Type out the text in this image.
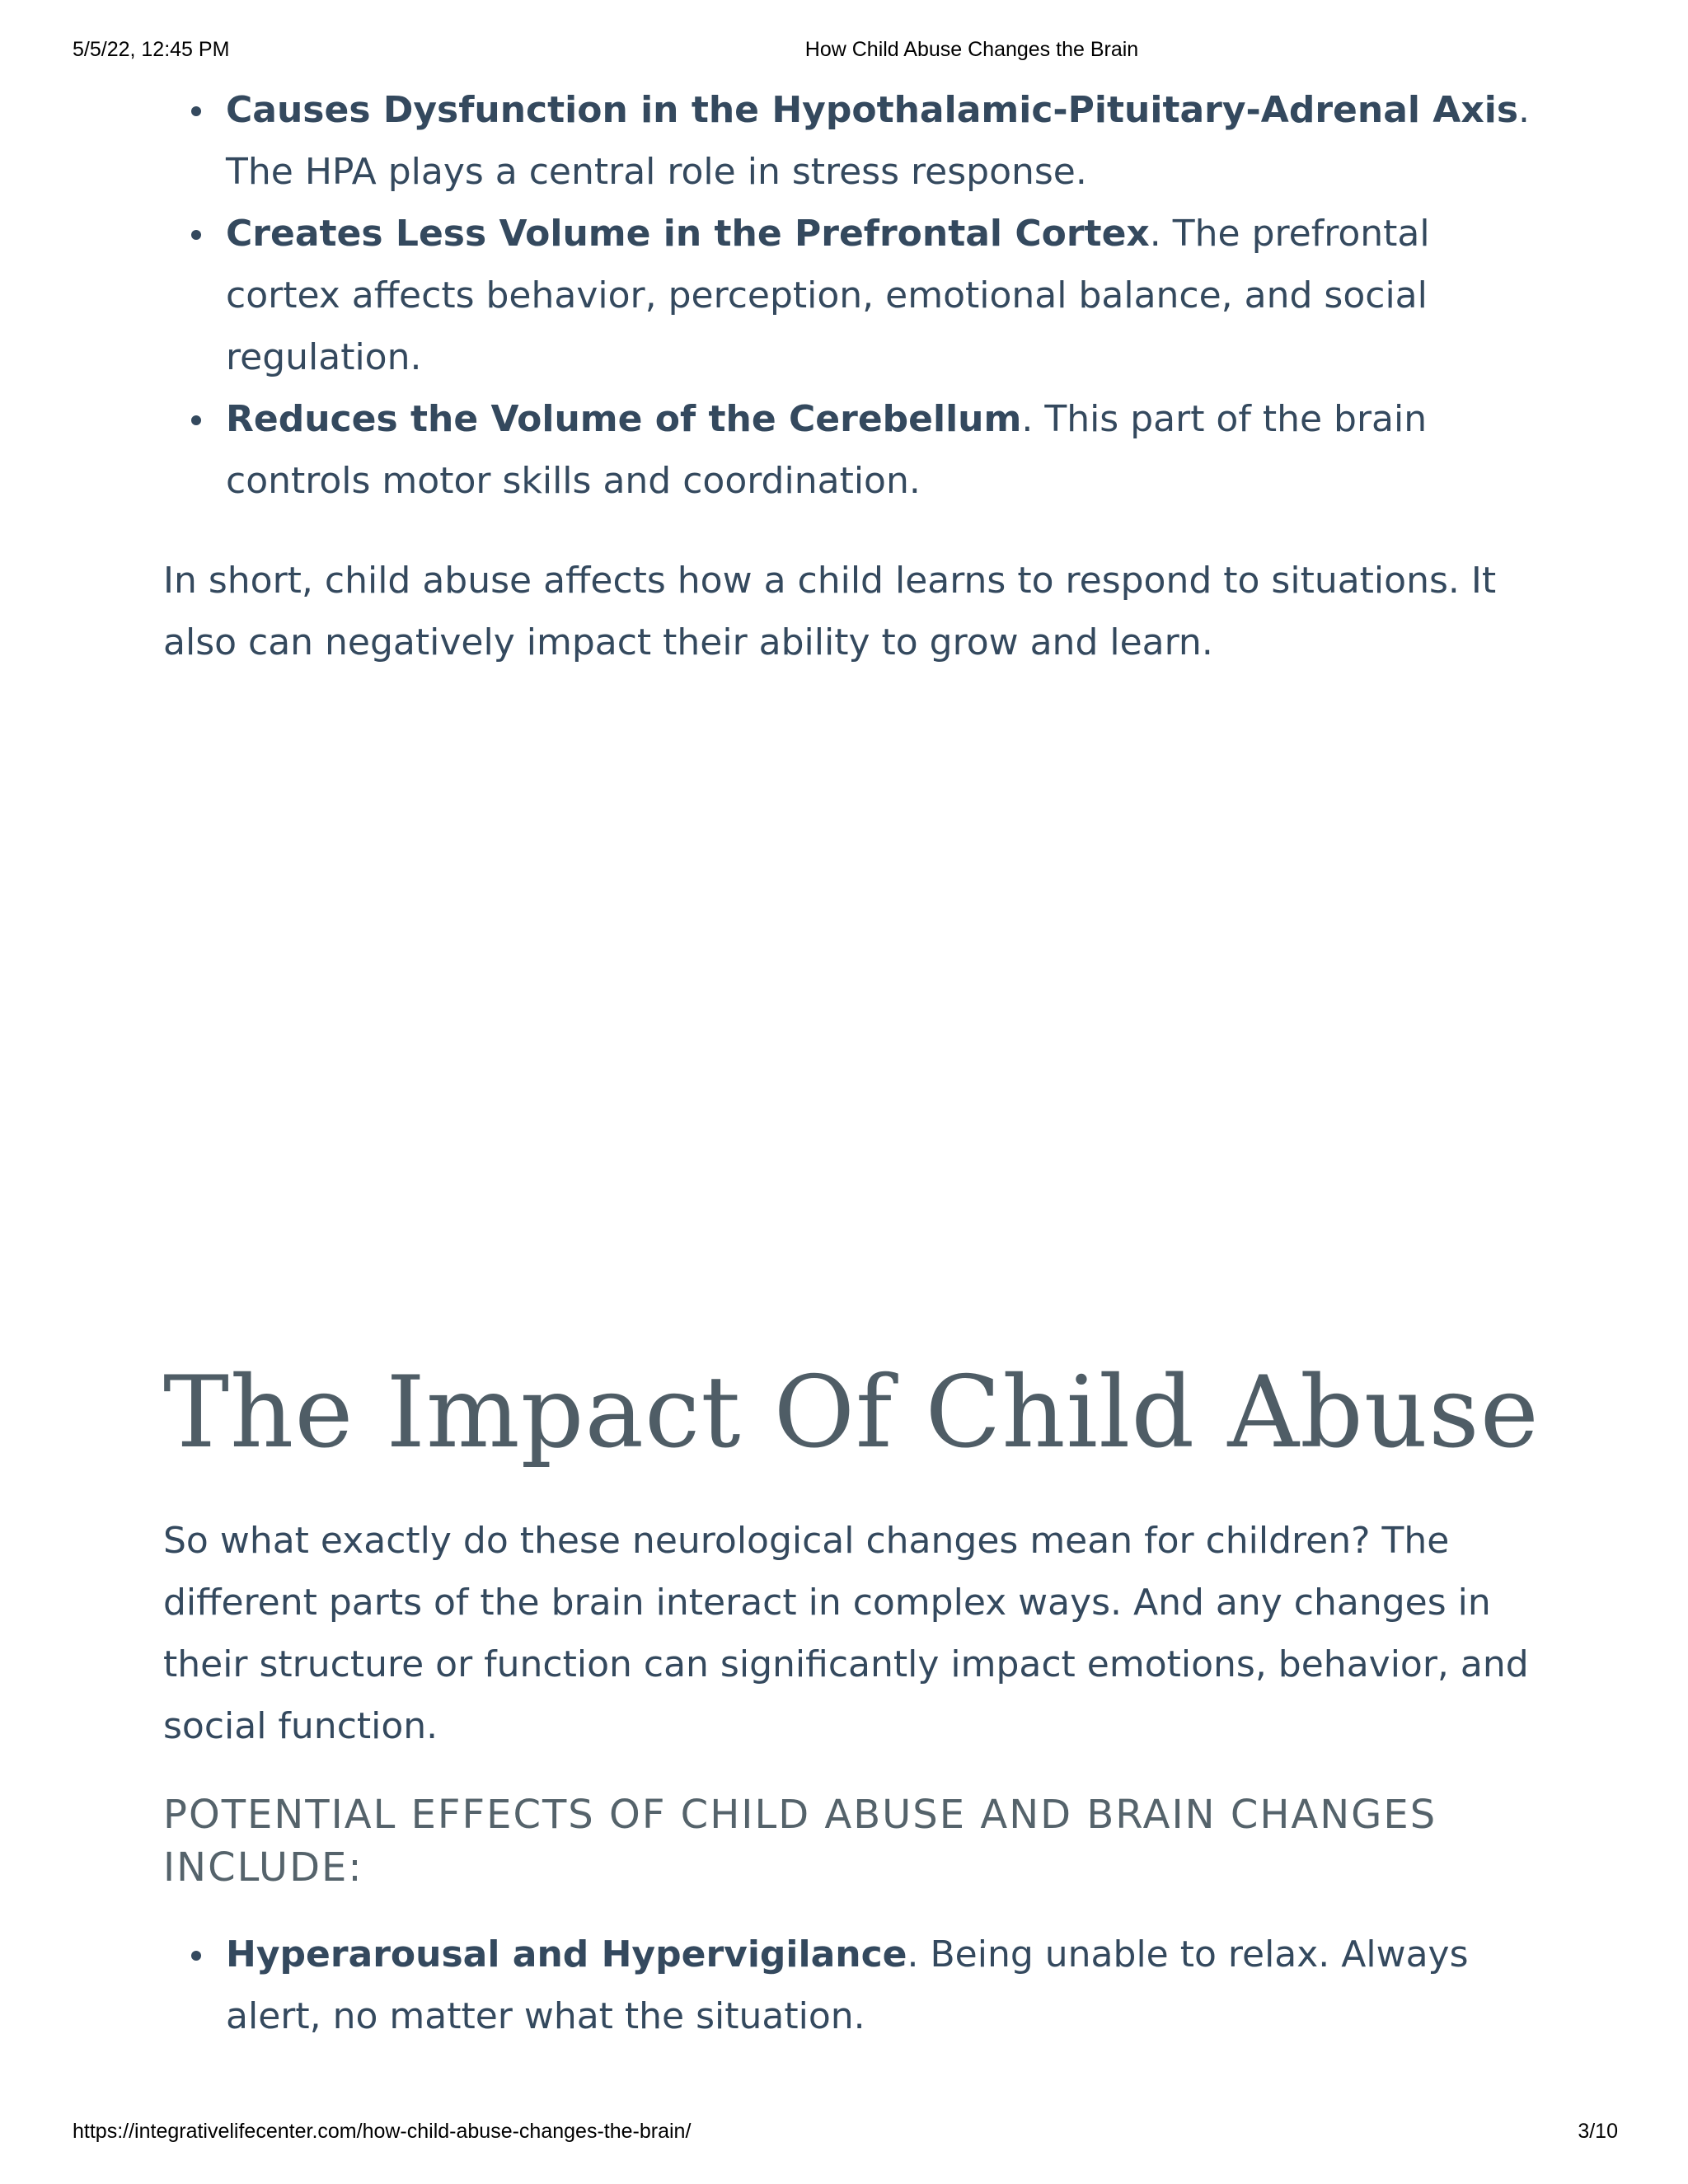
5/5/22, 12:45 PM	How Child Abuse Changes the Brain
Causes Dysfunction in the Hypothalamic-Pituitary-Adrenal Axis. The HPA plays a central role in stress response.
Creates Less Volume in the Prefrontal Cortex. The prefrontal cortex affects behavior, perception, emotional balance, and social regulation.
Reduces the Volume of the Cerebellum. This part of the brain controls motor skills and coordination.

In short, child abuse affects how a child learns to respond to situations. It also can negatively impact their ability to grow and learn.

The Impact Of Child Abuse

So what exactly do these neurological changes mean for children? The different parts of the brain interact in complex ways. And any changes in their structure or function can significantly impact emotions, behavior, and social function.

POTENTIAL EFFECTS OF CHILD ABUSE AND BRAIN CHANGES INCLUDE:
Hyperarousal and Hypervigilance. Being unable to relax. Always alert, no matter what the situation.
https://integrativelifecenter.com/how-child-abuse-changes-the-brain/	3/10
